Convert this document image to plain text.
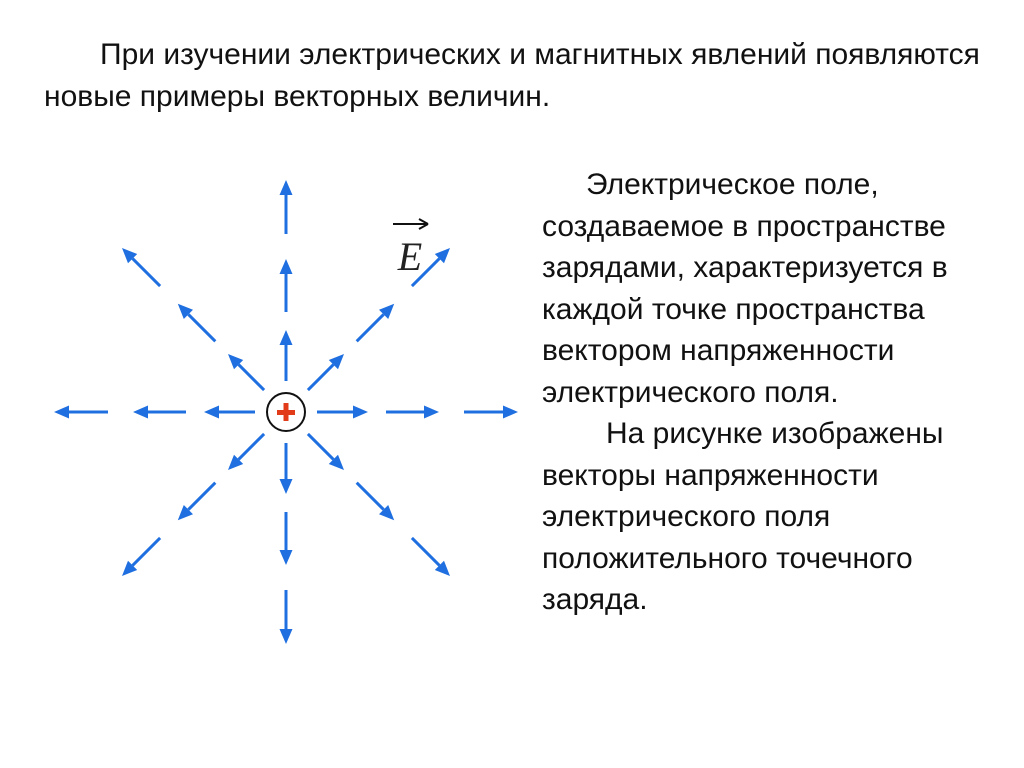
При изучении электрических и магнитных явлений появляются новые примеры векторных величин.

E

Электрическое поле, создаваемое в пространстве зарядами, характеризуется в каждой точке пространства вектором напряженности электрического поля.

На рисунке изображены векторы напряженности электрического поля положительного точечного заряда.
